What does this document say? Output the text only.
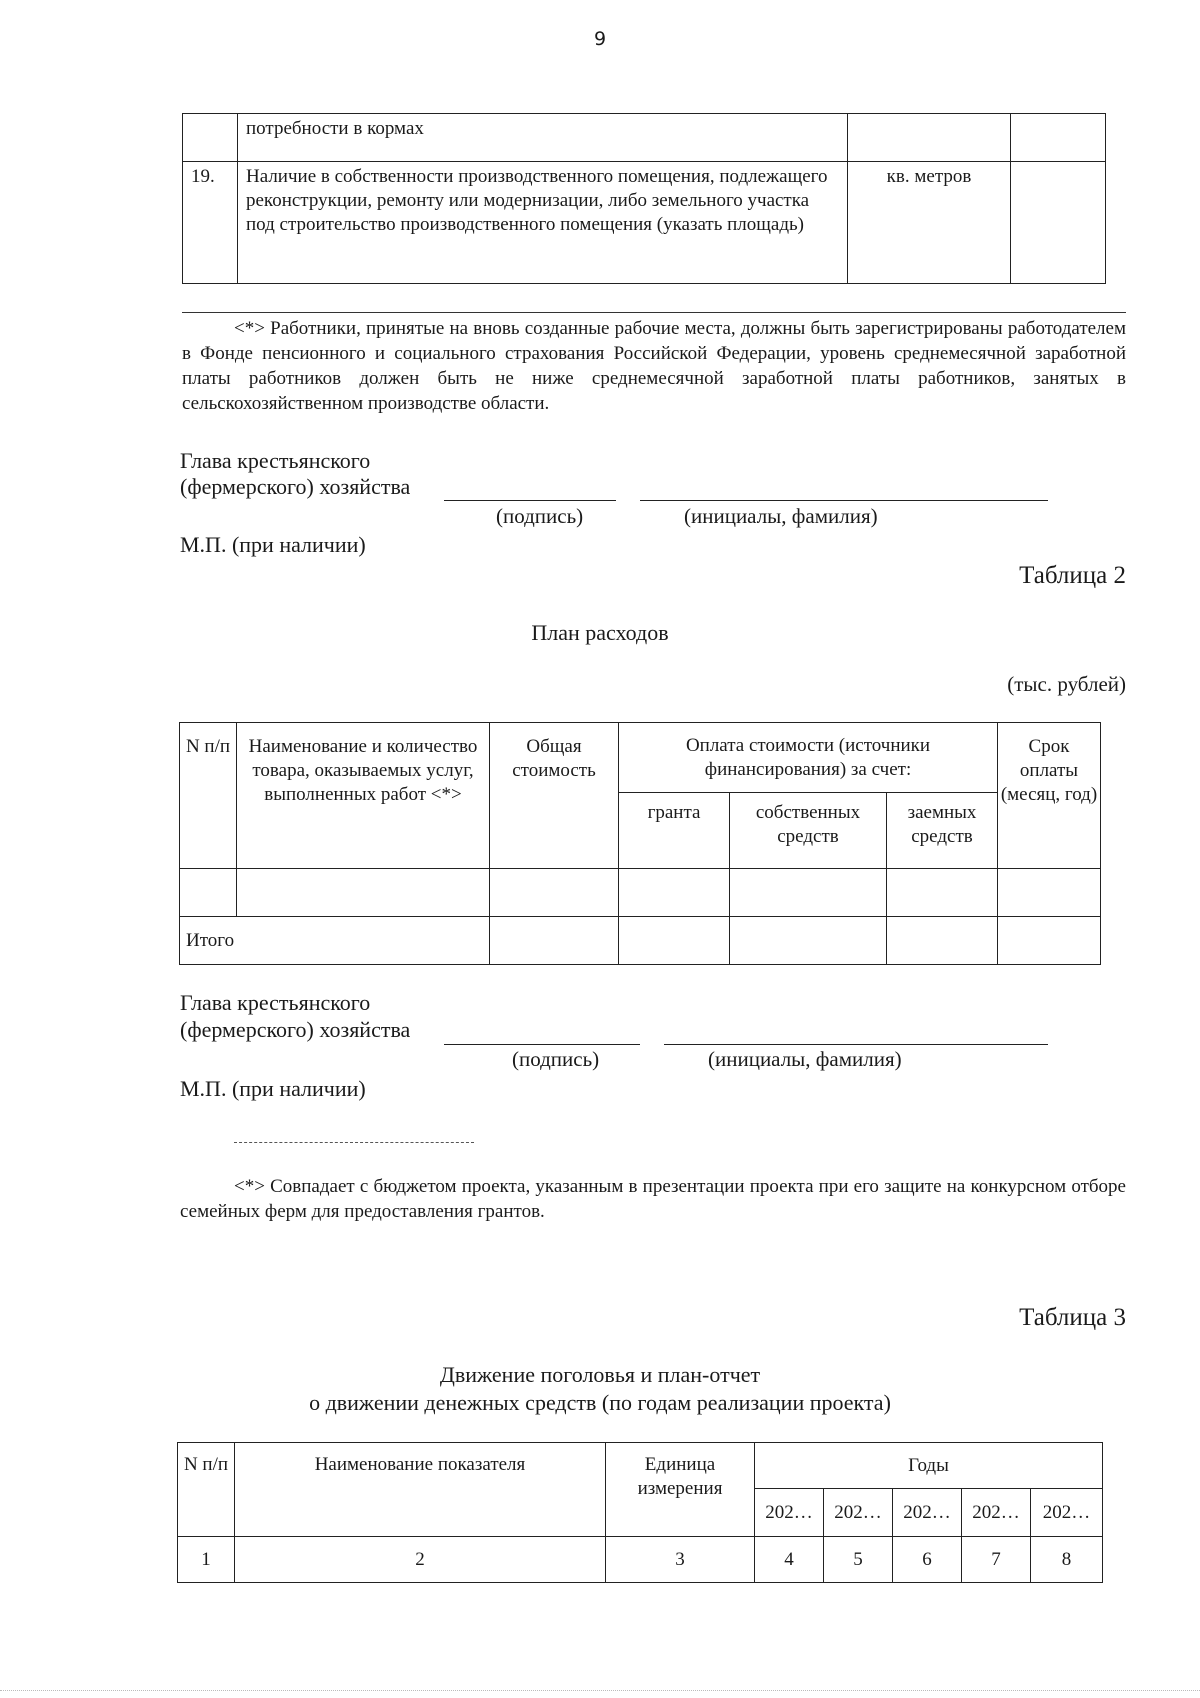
9
	потребности в кормах		
19.	Наличие в собственности производственного помещения, подлежащего реконструкции, ремонту или модернизации, либо земельного участка под строительство производственного помещения (указать площадь)	кв. метров	
<*> Работники, принятые на вновь созданные рабочие места, должны быть зарегистрированы работодателем в Фонде пенсионного и социального страхования Российской Федерации, уровень среднемесячной заработной платы работников должен быть не ниже среднемесячной заработной платы работников, занятых в сельскохозяйственном производстве области.
Глава крестьянского
(фермерского) хозяйства
(подпись)	(инициалы, фамилия)
М.П. (при наличии)
Таблица 2
План расходов
(тыс. рублей)
N п/п	Наименование и количество товара, оказываемых услуг, выполненных работ <*>	Общая стоимость	Оплата стоимости (источники финансирования) за счет:			Срок оплаты (месяц, год)
			гранта	собственных средств	заемных средств	

Итого						
Глава крестьянского
(фермерского) хозяйства
(подпись)	(инициалы, фамилия)
М.П. (при наличии)
<*> Совпадает с бюджетом проекта, указанным в презентации проекта при его защите на конкурсном отборе семейных ферм для предоставления грантов.
Таблица 3
Движение поголовья и план-отчет
о движении денежных средств (по годам реализации проекта)
N п/п	Наименование показателя	Единица измерения	Годы				
			202…	202…	202…	202…	202…
1	2	3	4	5	6	7	8
